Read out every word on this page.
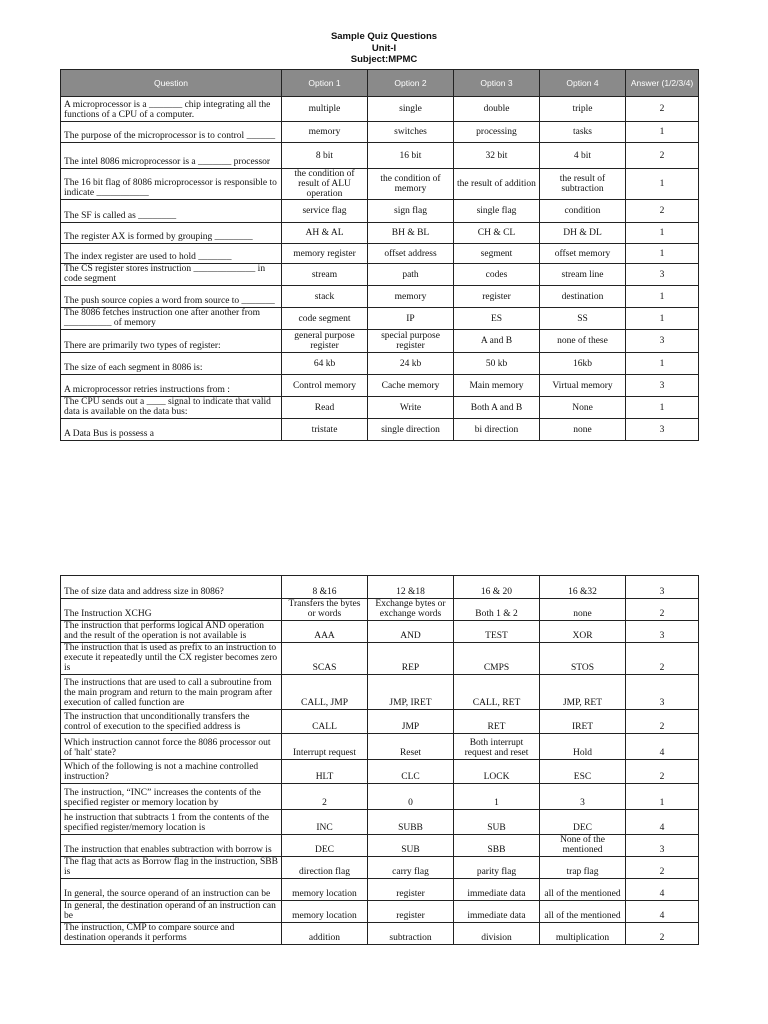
Sample Quiz Questions
Unit-I
Subject:MPMC
Question	Option 1	Option 2	Option 3	Option 4	Answer (1/2/3/4)
A microprocessor is a _______ chip integrating all the functions of a CPU of a computer.	multiple	single	double	triple	2
The purpose of the microprocessor is to control ______	memory	switches	processing	tasks	1
The intel 8086 microprocessor is a _______ processor	8 bit	16 bit	32 bit	4 bit	2
The 16 bit flag of 8086 microprocessor is responsible to indicate ___________	the condition of result of ALU operation	the condition of memory	the result of addition	the result of subtraction	1
The SF is called as ________	service flag	sign flag	single flag	condition	2
The register AX is formed by grouping ________	AH & AL	BH & BL	CH & CL	DH & DL	1
The index register are used to hold _______	memory register	offset address	segment	offset memory	1
The CS register stores instruction _____________ in code segment	stream	path	codes	stream line	3
The push source copies a word from source to _______	stack	memory	register	destination	1
The 8086 fetches instruction one after another from __________ of memory	code segment	IP	ES	SS	1
There are primarily two types of register:	general purpose register	special purpose register	A and B	none of these	3
The size of each segment in 8086 is:	64 kb	24 kb	50 kb	16kb	1
A microprocessor retries instructions from :	Control memory	Cache memory	Main memory	Virtual memory	3
The CPU sends out a ____ signal to indicate that valid data is available on the data bus:	Read	Write	Both A and B	None	1
A Data Bus is possess a	tristate	single direction	bi direction	none	3
The of size data and address size in 8086?	8 &16	12 &18	16 & 20	16 &32	3
The Instruction XCHG	Transfers the bytes or words	Exchange bytes or exchange words	Both 1 & 2	none	2
The instruction that performs logical AND operation and the result of the operation is not available is	AAA	AND	TEST	XOR	3
The instruction that is used as prefix to an instruction to execute it repeatedly until the CX register becomes zero is	SCAS	REP	CMPS	STOS	2
The instructions that are used to call a subroutine from the main program and return to the main program after execution of called function are	CALL, JMP	JMP, IRET	CALL, RET	JMP, RET	3
The instruction that unconditionally transfers the control of execution to the specified address is	CALL	JMP	RET	IRET	2
Which instruction cannot force the 8086 processor out of 'halt' state?	Interrupt request	Reset	Both interrupt request and reset	Hold	4
Which of the following is not a machine controlled instruction?	HLT	CLC	LOCK	ESC	2
The instruction, “INC” increases the contents of the specified register or memory location by	2	0	1	3	1
he instruction that subtracts 1 from the contents of the specified register/memory location is	INC	SUBB	SUB	DEC	4
The instruction that enables subtraction with borrow is	DEC	SUB	SBB	None of the mentioned	3
The flag that acts as Borrow flag in the instruction, SBB is	direction flag	carry flag	parity flag	trap flag	2
In general, the source operand of an instruction can be	memory location	register	immediate data	all of the mentioned	4
In general, the destination operand of an instruction can be	memory location	register	immediate data	all of the mentioned	4
The instruction, CMP to compare source and destination operands it performs	addition	subtraction	division	multiplication	2
